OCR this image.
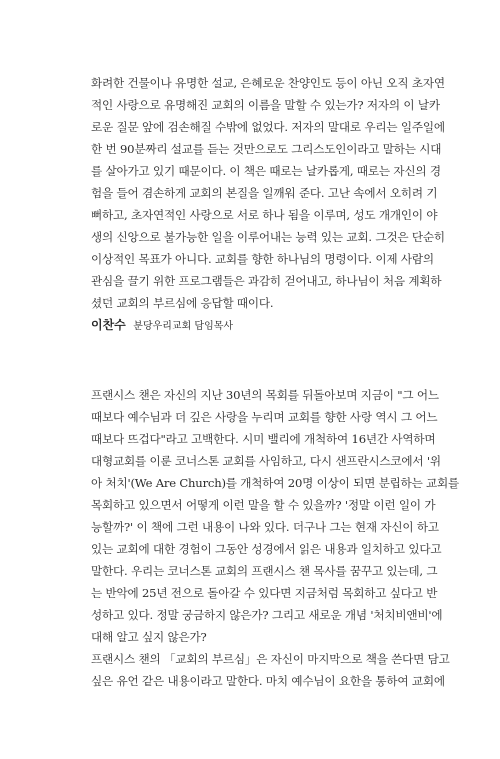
화려한 건물이나 유명한 설교, 은혜로운 찬양인도 등이 아닌 오직 초자연
적인 사랑으로 유명해진 교회의 이름을 말할 수 있는가? 저자의 이 날카
로운 질문 앞에 검손해질 수밖에 없었다. 저자의 말대로 우리는 일주일에
한 번 90분짜리 설교를 듣는 것만으로도 그리스도인이라고 말하는 시대
를 살아가고 있기 때문이다. 이 책은 때로는 날카롭게, 때로는 자신의 경
험을 들어 겸손하게 교회의 본질을 일깨워 준다. 고난 속에서 오히려 기
뻐하고, 초자연적인 사랑으로 서로 하나 됨을 이루며, 성도 개개인이 야
생의 신앙으로 불가능한 일을 이루어내는 능력 있는 교회. 그것은 단순히
이상적인 목표가 아니다. 교회를 향한 하나님의 명령이다. 이제 사람의
관심을 끌기 위한 프로그램들은 과감히 걷어내고, 하나님이 처음 계획하
셨던 교회의 부르심에 응답할 때이다.
이찬수 분당우리교회 담임목사
프랜시스 챈은 자신의 지난 30년의 목회를 뒤돌아보며 지금이 "그 어느
때보다 예수님과 더 깊은 사랑을 누리며 교회를 향한 사랑 역시 그 어느
때보다 뜨겁다"라고 고백한다. 시미 밸리에 개척하여 16년간 사역하며
대형교회를 이룬 코너스톤 교회를 사임하고, 다시 샌프란시스코에서 '위
아 처치'(We Are Church)를 개척하여 20명 이상이 되면 분립하는 교회를
목회하고 있으면서 어떻게 이런 말을 할 수 있을까? '정말 이런 일이 가
능할까?' 이 책에 그런 내용이 나와 있다. 더구나 그는 현재 자신이 하고
있는 교회에 대한 경험이 그동안 성경에서 읽은 내용과 일치하고 있다고
말한다. 우리는 코너스톤 교회의 프랜시스 챈 목사를 꿈꾸고 있는데, 그
는 반악에 25년 전으로 돌아갈 수 있다면 지금처럼 목회하고 싶다고 반
성하고 있다. 정말 궁금하지 않은가? 그리고 새로운 개념 '처치비앤비'에
대해 알고 싶지 않은가?
프랜시스 챈의 「교회의 부르심」은 자신이 마지막으로 책을 쓴다면 담고
싶은 유언 같은 내용이라고 말한다. 마치 예수님이 요한을 통하여 교회에
